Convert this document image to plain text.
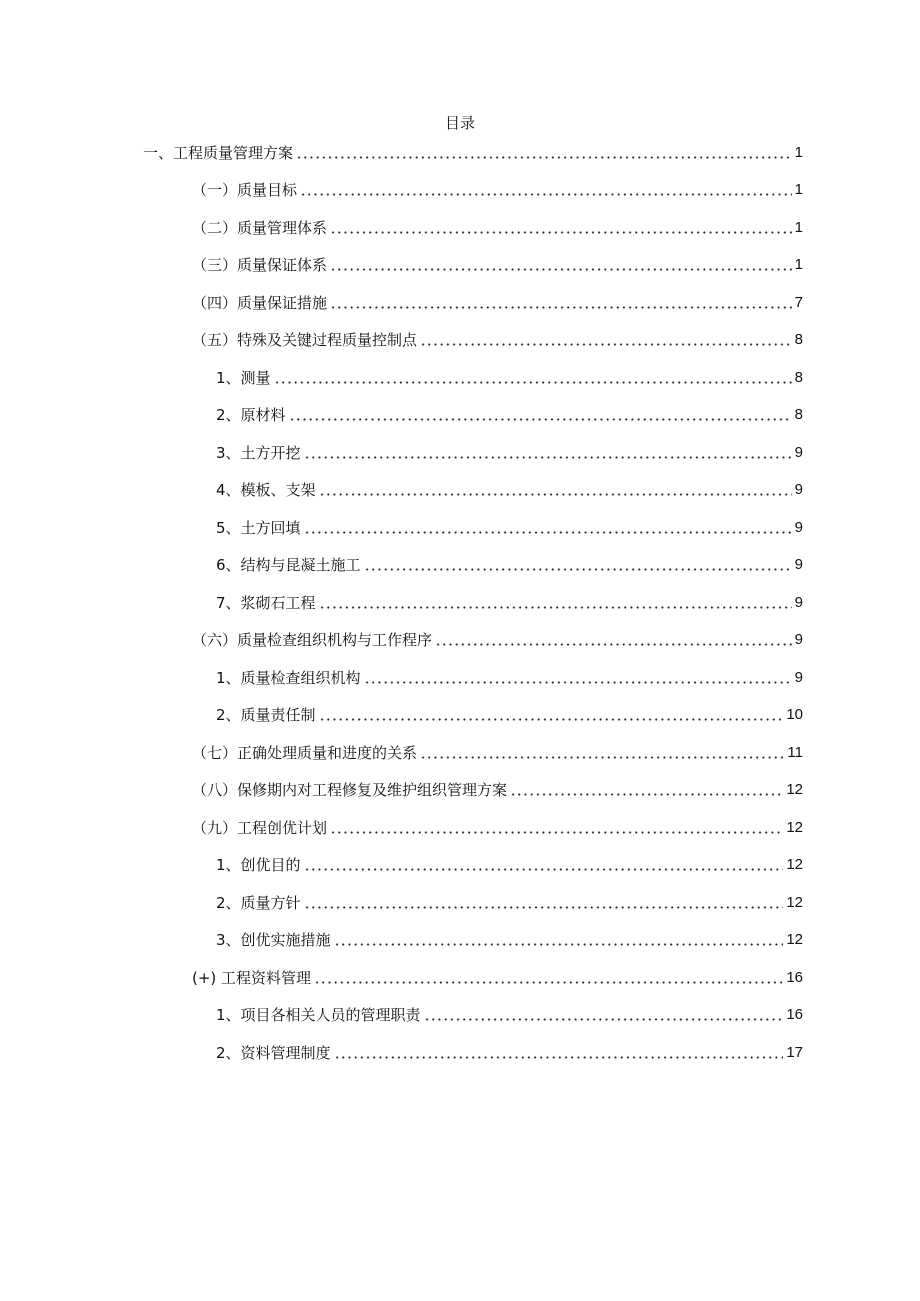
目录
一、工程质量管理方案	1
（一）质量目标	1
（二）质量管理体系	1
（三）质量保证体系	1
（四）质量保证措施	7
（五）特殊及关键过程质量控制点	8
1、测量	8
2、原材料	8
3、土方开挖	9
4、模板、支架	9
5、土方回填	9
6、结构与昆凝土施工	9
7、浆砌石工程	9
（六）质量检查组织机构与工作程序	9
1、质量检查组织机构	9
2、质量责任制	10
（七）正确处理质量和进度的关系	11
（八）保修期内对工程修复及维护组织管理方案	12
（九）工程创优计划	12
1、创优目的	12
2、质量方针	12
3、创优实施措施	12
(+) 工程资料管理	16
1、项目各相关人员的管理职责	16
2、资料管理制度	17
